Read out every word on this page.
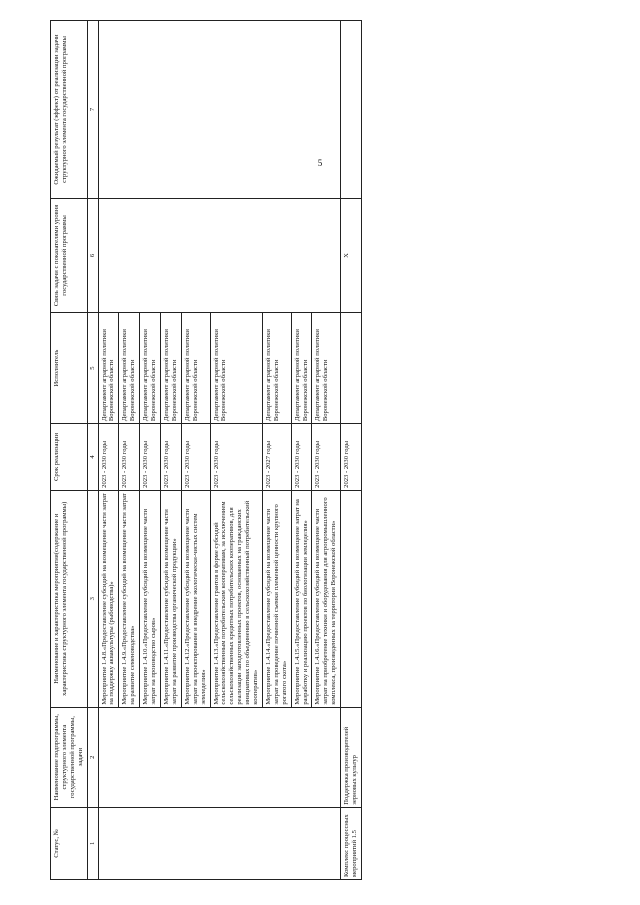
5
Статус, №	Наименование подпрограммы, структурного элемента государственной программы, задачи	Наименование и характеристика мероприятия(содержание и характеристика структурного элемента государственной программы)	Срок реализации	Исполнитель	Связь задачи с показателями уровня государственной программы	Ожидаемый результат (эффект) от реализации задачи структурного элемента государственной программы
1	2	3	4	5	6	7
		Мероприятие 1.4.8.«Предоставление субсидий на возмещение части затрат на поддержку аквакультуры (рыбоводства)»	2023 - 2030 годы	Департамент аграрной политики Воронежской области		
		Мероприятие 1.4.9.«Предоставление субсидий на возмещение части затрат на развитие семеноводства»	2023 - 2030 годы	Департамент аграрной политики Воронежской области		
		Мероприятие 1.4.10.«Предоставление субсидий на возмещение части затрат на производство сыров»	2023 - 2030 годы	Департамент аграрной политики Воронежской области		
		Мероприятие 1.4.11.«Предоставление субсидий на возмещение части затрат на развитие производства органической продукции»	2023 - 2030 годы	Департамент аграрной политики Воронежской области		
		Мероприятие 1.4.12.«Предоставление субсидий на возмещение части затрат на проектирование и внедрение экологически-чистых систем земледелия»	2023 - 2030 годы	Департамент аграрной политики Воронежской области		
		Мероприятие 1.4.13.«Предоставление грантов в форме субсидий сельскохозяйственным потребительским кооперативам, за исключением сельскохозяйственных кредитных потребительских кооперативов, для реализации заподготовленных проектов, основанных на гражданских инициативах по объединению в сельскохозяйственный потребительский кооператив»	2023 - 2030 годы	Департамент аграрной политики Воронежской области		
		Мероприятие 1.4.14.«Предоставление субсидий на возмещение части затрат на проведение почвенной съемки племенной ценности крупного рогатого скота»	2023 - 2027 годы	Департамент аграрной политики Воронежской области		
		Мероприятие 1.4.15.«Предоставление субсидий на возмещение затрат на разработку и реализацию проектов по биологизации земледелия»	2023 - 2030 годы	Департамент аграрной политики Воронежской области		
		Мероприятие 1.4.16.«Предоставление субсидий на возмещение части затрат на приобретение техники и оборудования для агропромышленного комплекса, произведенных на территории Воронежской области»	2023 - 2030 годы	Департамент аграрной политики Воронежской области		
Комплекс процессных мероприятий 1.5	Поддержка производителей зерновых культур		2023 - 2030 годы		Х	
